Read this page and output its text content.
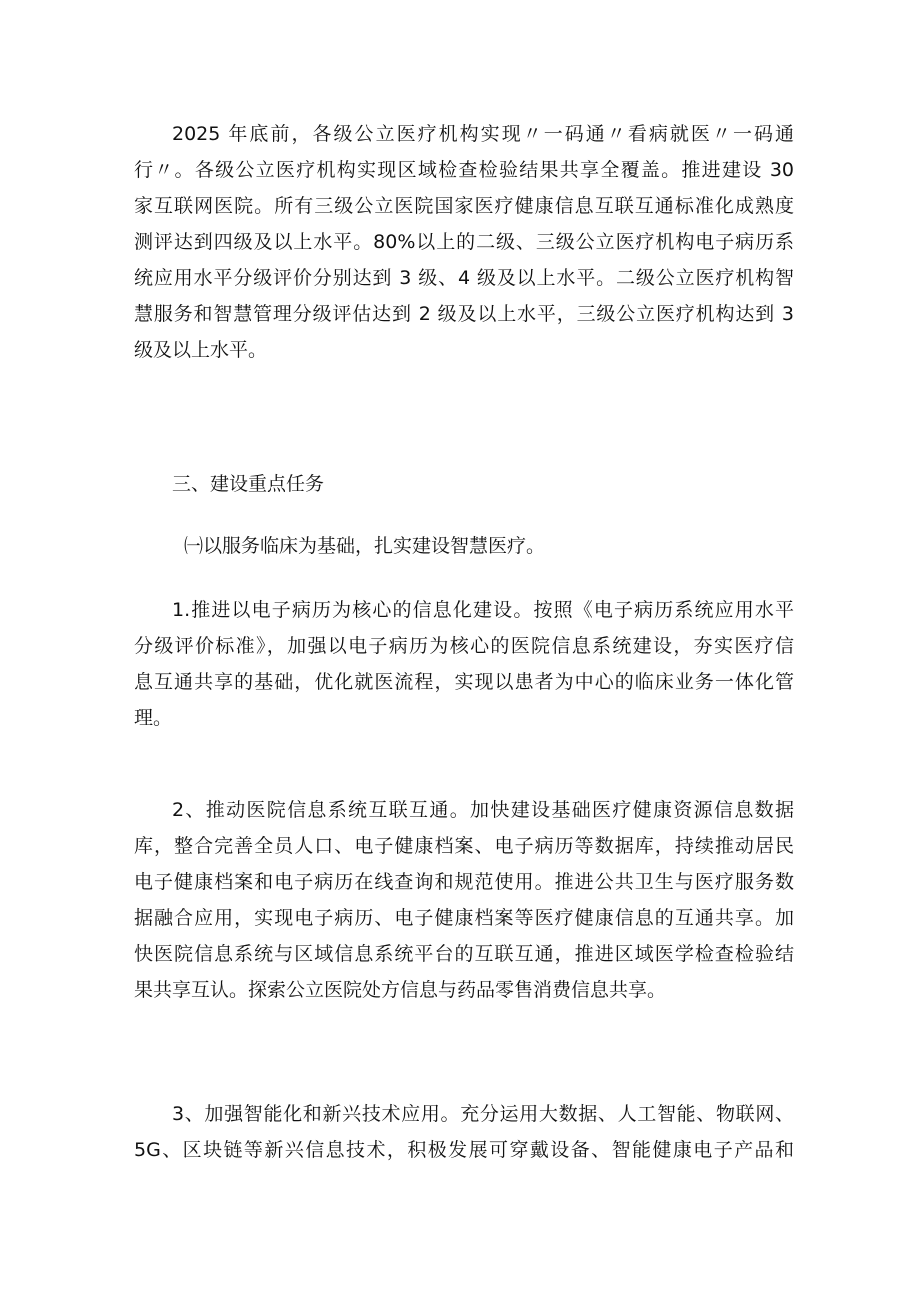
2025 年底前，各级公立医疗机构实现〃一码通〃看病就医〃一码通
行〃。各级公立医疗机构实现区域检查检验结果共享全覆盖。推进建设 30
家互联网医院。所有三级公立医院国家医疗健康信息互联互通标准化成熟度
测评达到四级及以上水平。80%以上的二级、三级公立医疗机构电子病历系
统应用水平分级评价分别达到 3 级、4 级及以上水平。二级公立医疗机构智
慧服务和智慧管理分级评估达到 2 级及以上水平，三级公立医疗机构达到 3
级及以上水平。
三、建设重点任务
㈠以服务临床为基础，扎实建设智慧医疗。
1.推进以电子病历为核心的信息化建设。按照《电子病历系统应用水平
分级评价标准》，加强以电子病历为核心的医院信息系统建设，夯实医疗信
息互通共享的基础，优化就医流程，实现以患者为中心的临床业务一体化管
理。
2、推动医院信息系统互联互通。加快建设基础医疗健康资源信息数据
库，整合完善全员人口、电子健康档案、电子病历等数据库，持续推动居民
电子健康档案和电子病历在线查询和规范使用。推进公共卫生与医疗服务数
据融合应用，实现电子病历、电子健康档案等医疗健康信息的互通共享。加
快医院信息系统与区域信息系统平台的互联互通，推进区域医学检查检验结
果共享互认。探索公立医院处方信息与药品零售消费信息共享。
3、加强智能化和新兴技术应用。充分运用大数据、人工智能、物联网、
5G、区块链等新兴信息技术，积极发展可穿戴设备、智能健康电子产品和
